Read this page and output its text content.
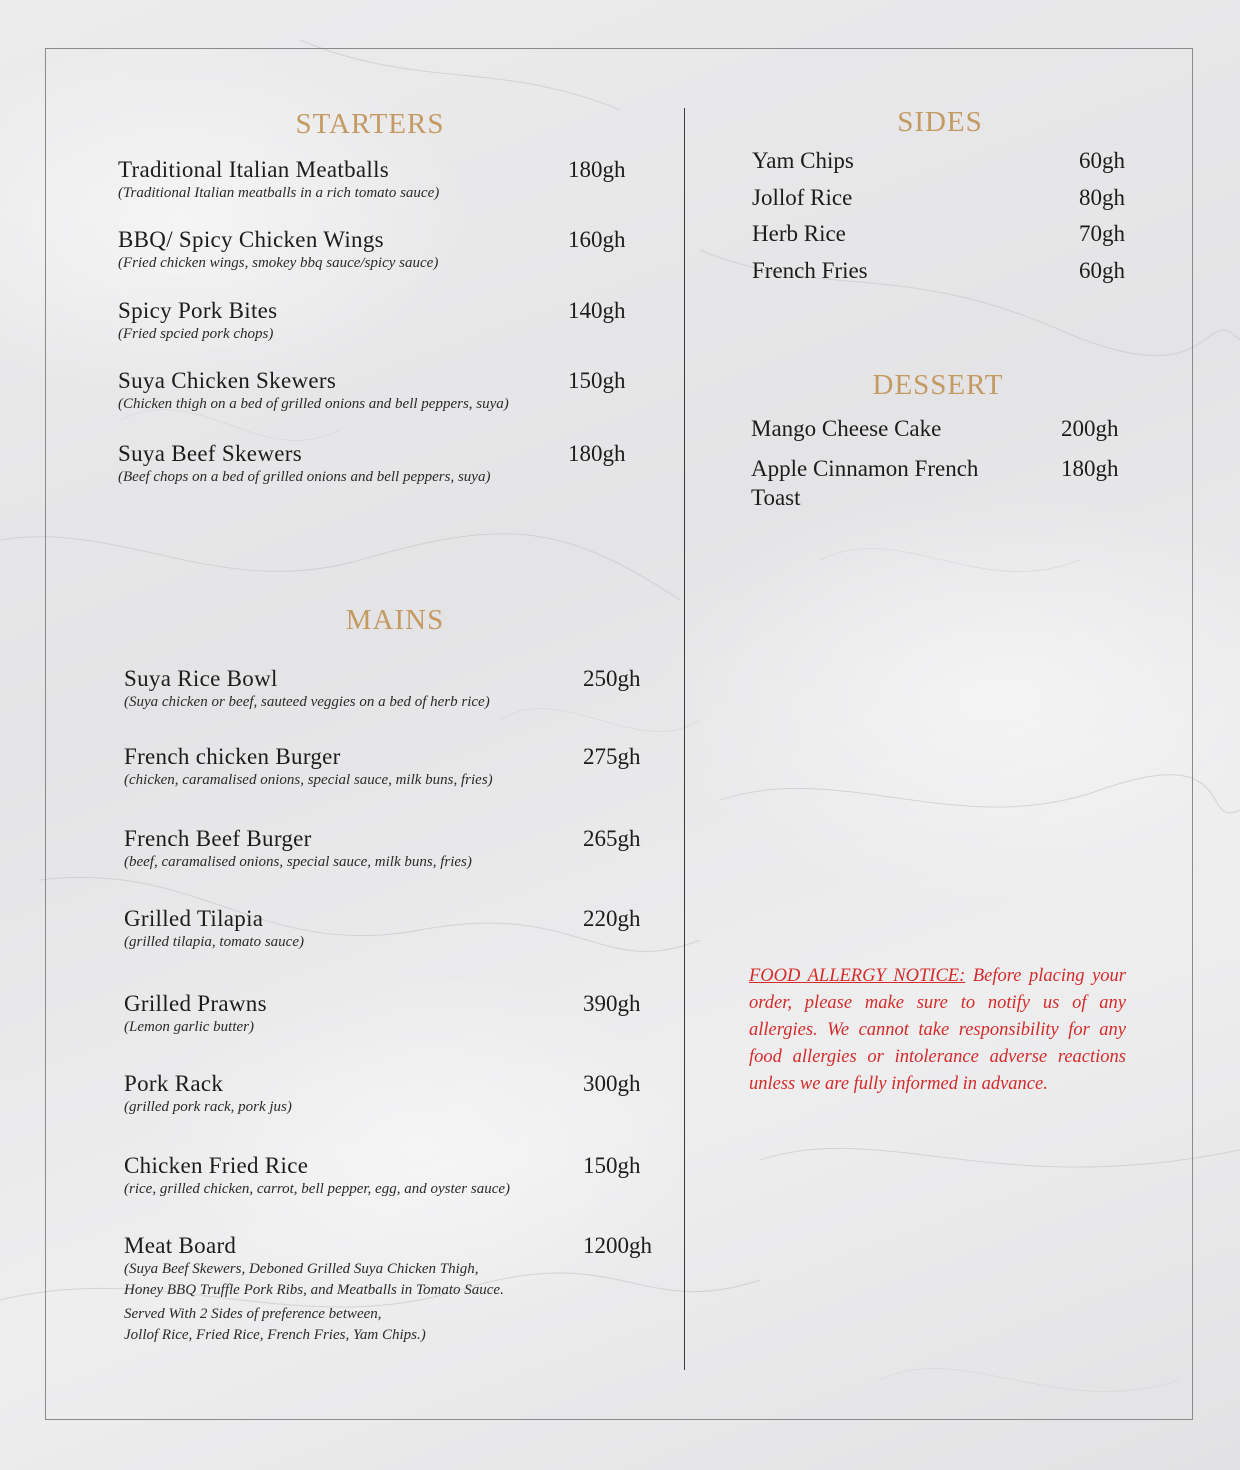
STARTERS
Traditional Italian Meatballs
(Traditional Italian meatballs in a rich tomato sauce)
180gh
BBQ/ Spicy Chicken Wings
(Fried chicken wings, smokey bbq sauce/spicy sauce)
160gh
Spicy Pork Bites
(Fried spcied pork chops)
140gh
Suya Chicken Skewers
(Chicken thigh on a bed of grilled onions and bell peppers, suya)
150gh
Suya Beef Skewers
(Beef chops on a bed of grilled onions and bell peppers, suya)
180gh
MAINS
Suya Rice Bowl
(Suya chicken or beef, sauteed veggies on a bed of herb rice)
250gh
French chicken Burger
(chicken, caramalised onions, special sauce, milk buns, fries)
275gh
French Beef Burger
(beef, caramalised onions, special sauce, milk buns, fries)
265gh
Grilled Tilapia
(grilled tilapia, tomato sauce)
220gh
Grilled Prawns
(Lemon garlic butter)
390gh
Pork Rack
(grilled pork rack, pork jus)
300gh
Chicken Fried Rice
(rice, grilled chicken, carrot, bell pepper, egg, and oyster sauce)
150gh
Meat Board
(Suya Beef Skewers, Deboned Grilled Suya Chicken Thigh,
Honey BBQ Truffle Pork Ribs, and Meatballs in Tomato Sauce.
Served With 2 Sides of preference between,
Jollof Rice, Fried Rice, French Fries, Yam Chips.)
1200gh
SIDES
Yam Chips	60gh
Jollof Rice	80gh
Herb Rice	70gh
French Fries	60gh
DESSERT
Mango Cheese Cake	200gh
Apple Cinnamon French
Toast
180gh

FOOD ALLERGY NOTICE: Before placing your order, please make sure to notify us of any allergies. We cannot take responsibility for any food allergies or intolerance adverse reactions unless we are fully informed in advance.
